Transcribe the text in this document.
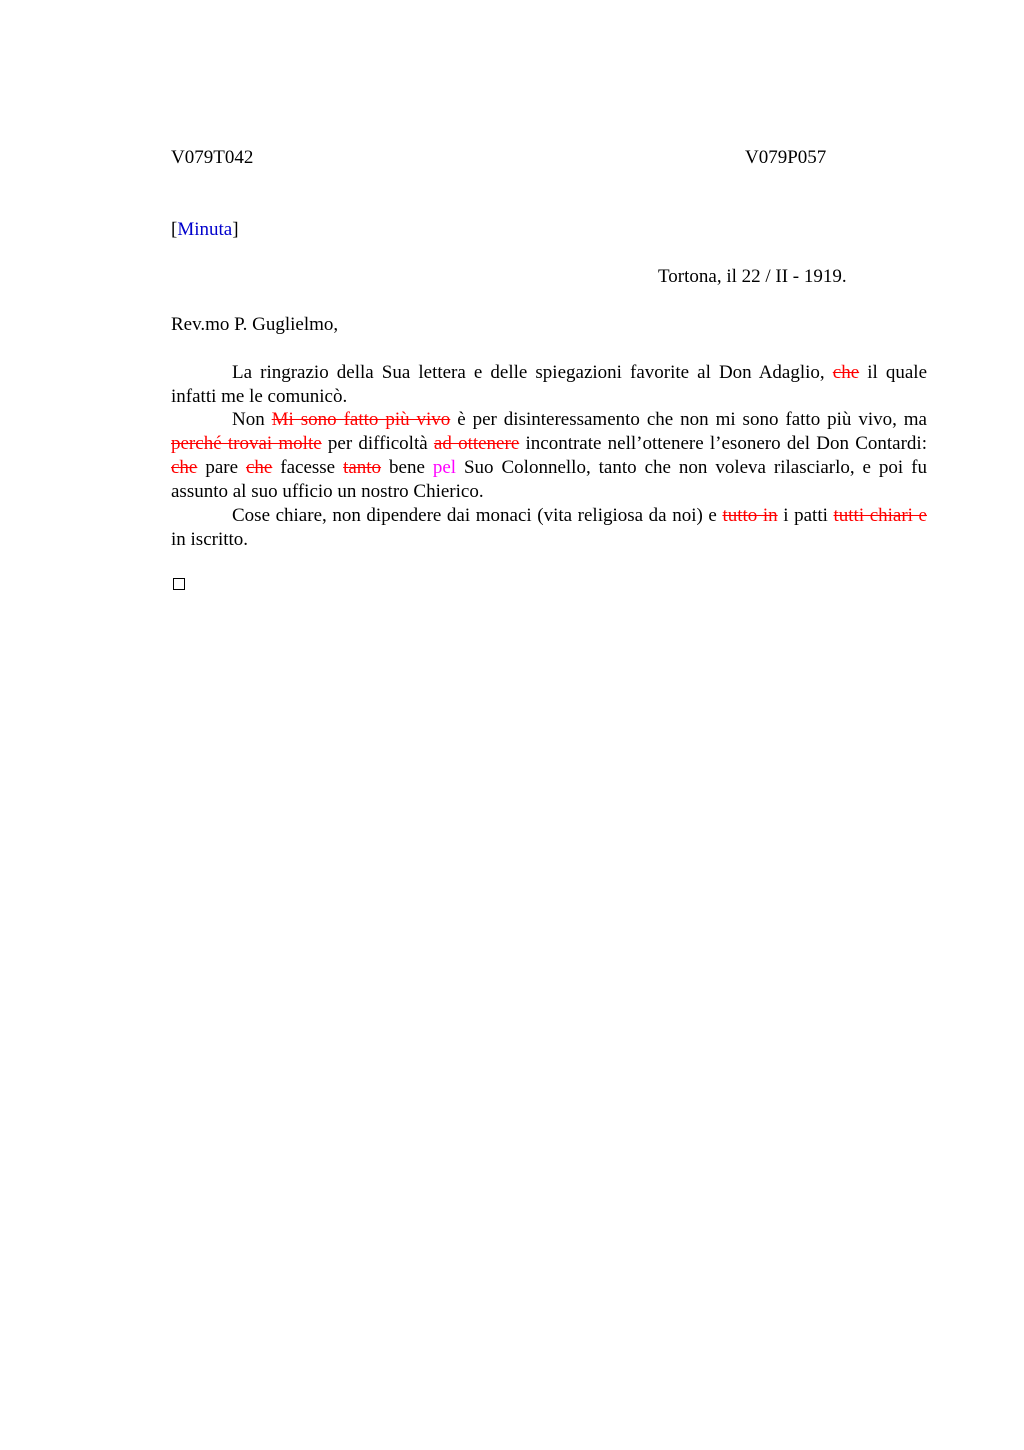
V079T042	V079P057
[Minuta]
Tortona, il 22 / II - 1919.
Rev.mo P. Guglielmo,
La ringrazio della Sua lettera e delle spiegazioni favorite al Don Adaglio, che il quale infatti me le comunicò.
Non Mi sono fatto più vivo è per disinteressamento che non mi sono fatto più vivo, ma perché trovai molte per difficoltà ad ottenere incontrate nell’ottenere l’esonero del Don Contardi: che pare che facesse tanto bene pel Suo Colonnello, tanto che non voleva rilasciarlo, e poi fu assunto al suo ufficio un nostro Chierico.
Cose chiare, non dipendere dai monaci (vita religiosa da noi) e tutto in i patti tutti chiari e in iscritto.
